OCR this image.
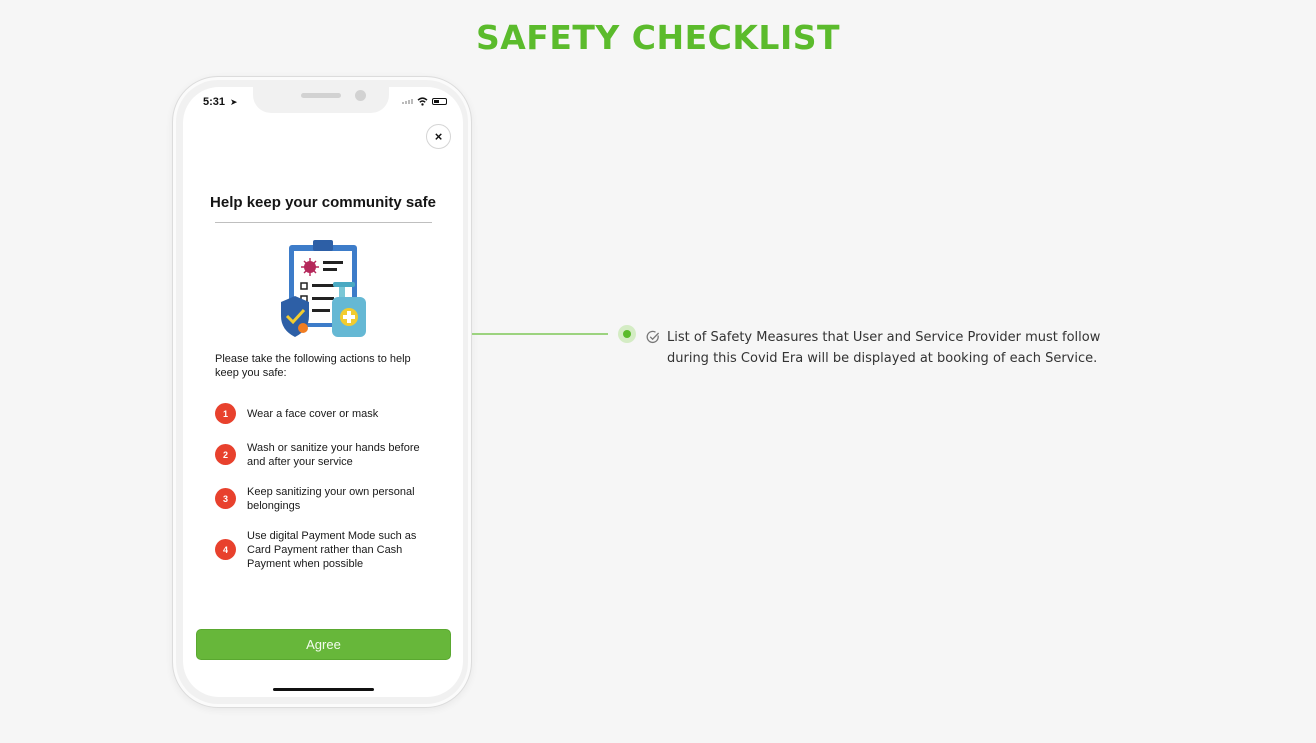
SAFETY CHECKLIST
5:31 ➤
×
Help keep your community safe
Please take the following actions to help keep you safe:
1	Wear a face cover or mask
2
Wash or sanitize your hands before and after your service
3
Keep sanitizing your own personal belongings
4
Use digital Payment Mode such as Card Payment rather than Cash Payment when possible
Agree
List of Safety Measures that User and Service Provider must follow during this Covid Era will be displayed at booking of each Service.
